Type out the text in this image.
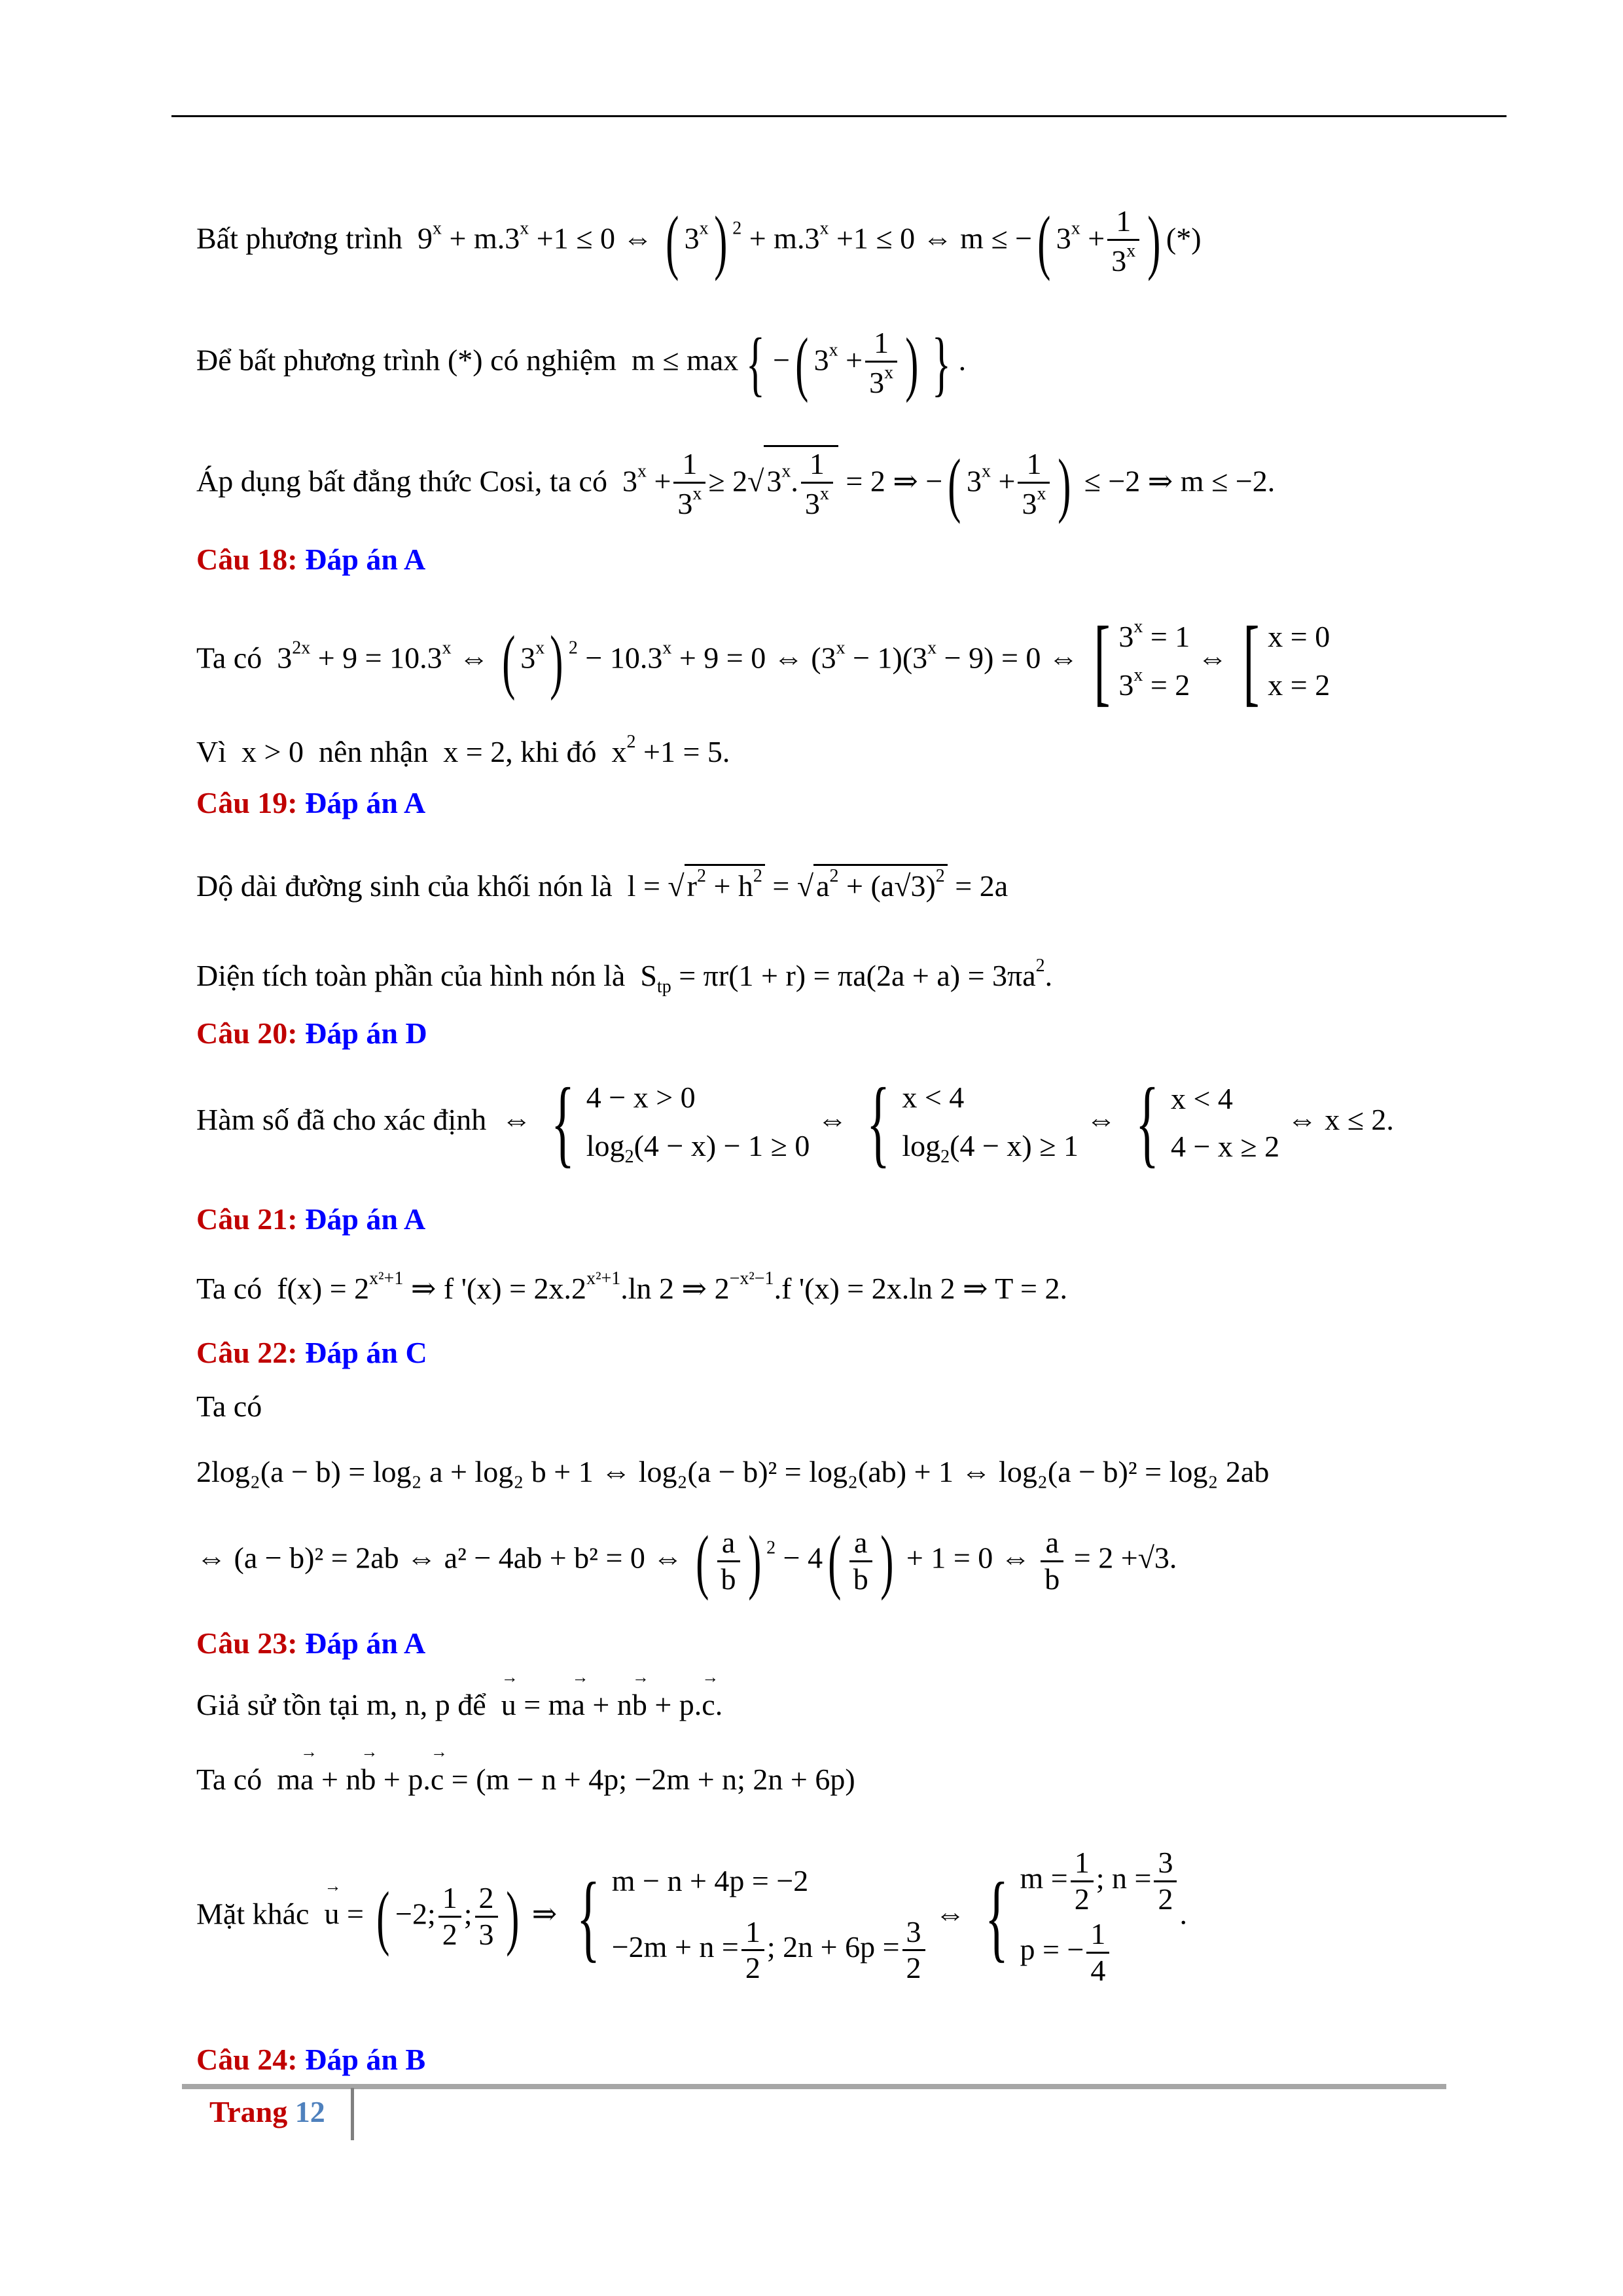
Bất phương trình $9^x + m.3^x +1 \le 0$ ⇔ ( 3$^x$) $^2 + m.3^x +1 \le 0$ ⇔ m ≤ −( $3^x + \frac{1}{3^x}$ ) (*)
Để bất phương trình (*) có nghiệm m ≤ max { −( $3^x + \frac{1}{3^x}$ ) } .
Áp dụng bất đẳng thức Cosi, ta có  $3^x + \frac{1}{3^x} \ge 2√3^x$. $\frac{1}{3^x} = 2$ ⇒ −( $3^x + \frac{1}{3^x}$ ) ≤ −2 ⇒ m ≤ −2.
Câu 18: Đáp án A
Ta có  $3^{2x} + 9 = 10.3^x$ ⇔ ( 3$^x$) $^2 - 10.3^x + 9 = 0$ ⇔ $(3^x - 1)(3^x - 9) = 0$ ⇔ [ $3^x = 1$
$3^x = 2$ ⇔ [ x = 0
x = 2
Vì x > 0 nên nhận x = 2, khi đó  $x^2 +1 = 5$.
Câu 19: Đáp án A
Dộ dài đường sinh của khối nón là  $l = √r^2 + h^2 = √a^2 + (a√3)^2 = 2a$
Diện tích toàn phần của hình nón là  $S_{tp} = \pi r(1 + r) = \pi a(2a + a) = 3\pi a^2$.
Câu 20: Đáp án D
Hàm số đã cho xác định  ⇔ { 4 − x > 0
$\log_2(4 - x) - 1 \ge 0$ ⇔ { x < 4
$\log_2(4 - x) \ge 1$ ⇔ { x < 4
4 − x ≥ 2 ⇔ x ≤ 2.
Câu 21: Đáp án A
Ta có $f(x) = 2^{x^2+1}$ ⇒ f '$(x) = 2x.2^{x^2+1}.\ln$ 2 ⇒ $2^{-x^2-1}.f$ '(x) = 2x.ln 2 ⇒ T = 2.
Câu 22: Đáp án C
Ta có
2log₂(a − b) = log₂ a + log₂ b + 1 ⇔ log₂(a − b)² = log₂(ab) + 1 ⇔ log₂(a − b)² = log₂ 2ab
⇔ (a − b)² = 2ab ⇔ a² − 4ab + b² = 0 ⇔ ( $\frac{a}{b}$ ) $^2 - 4( \frac{a}{b}$ ) + 1 = 0 ⇔ $\frac{a}{b} = 2 +√3$.
Câu 23: Đáp án A
Giả sử tồn tại m, n, p để → u = m→ a + n→ b + p.→ c.
Ta có  m→ a + n→ b + p.→ c = (m − n + 4p; −2m + n; 2n + 6p)
Mặt khác → u = ( −2; $\frac{1}{2}$ ; $\frac{2}{3}$ ) ⇒ { m − n + 4p = −2
$-2m + n = \frac{1}{2}$ ; $2n + 6p = \frac{3}{2}$
⇔ { $m = \frac{1}{2}$ ; $n = \frac{3}{2}$

p = − $\frac{1}{4}$
.
Câu 24: Đáp án B
Trang 12
